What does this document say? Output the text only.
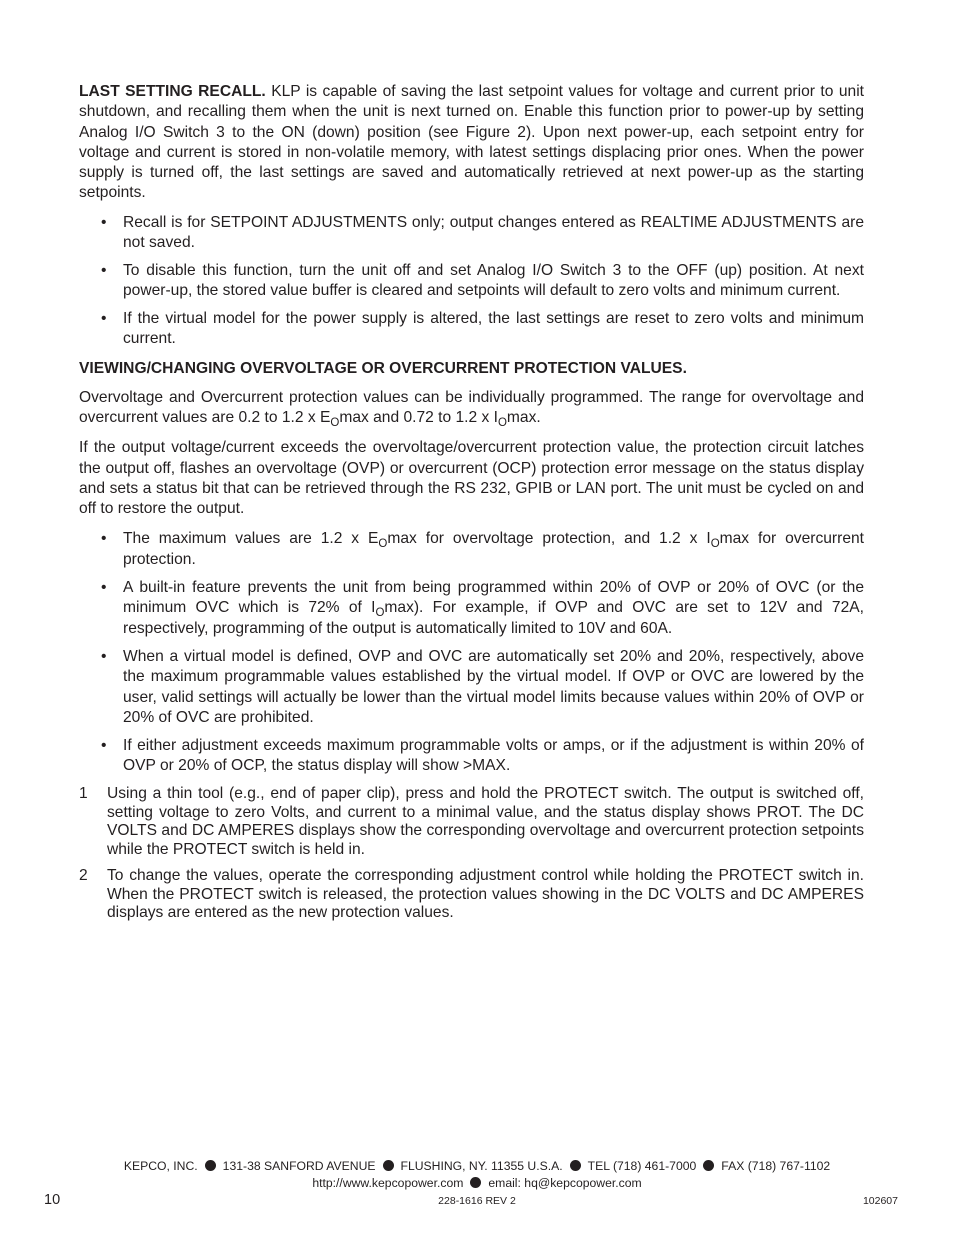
LAST SETTING RECALL. KLP is capable of saving the last setpoint values for voltage and current prior to unit shutdown, and recalling them when the unit is next turned on. Enable this function prior to power-up by setting Analog I/O Switch 3 to the ON (down) position (see Figure 2). Upon next power-up, each setpoint entry for voltage and current is stored in non-volatile memory, with latest settings displacing prior ones. When the power supply is turned off, the last settings are saved and automatically retrieved at next power-up as the starting setpoints.

• Recall is for SETPOINT ADJUSTMENTS only; output changes entered as REALTIME ADJUSTMENTS are not saved.
• To disable this function, turn the unit off and set Analog I/O Switch 3 to the OFF (up) position. At next power-up, the stored value buffer is cleared and setpoints will default to zero volts and minimum current.
• If the virtual model for the power supply is altered, the last settings are reset to zero volts and minimum current.

VIEWING/CHANGING OVERVOLTAGE OR OVERCURRENT PROTECTION VALUES.

Overvoltage and Overcurrent protection values can be individually programmed. The range for overvoltage and overcurrent values are 0.2 to 1.2 x $E_O\max$ and 0.72 to 1.2 x $I_O\max$.

If the output voltage/current exceeds the overvoltage/overcurrent protection value, the protection circuit latches the output off, flashes an overvoltage (OVP) or overcurrent (OCP) protection error message on the status display and sets a status bit that can be retrieved through the RS 232, GPIB or LAN port. The unit must be cycled on and off to restore the output.

• The maximum values are 1.2 x $E_O\max$ for overvoltage protection, and 1.2 x $I_O\max$ for overcurrent protection.
• A built-in feature prevents the unit from being programmed within 20% of OVP or 20% of OVC (or the minimum OVC which is 72% of $I_O\max$). For example, if OVP and OVC are set to 12V and 72A, respectively, programming of the output is automatically limited to 10V and 60A.
• When a virtual model is defined, OVP and OVC are automatically set 20% and 20%, respectively, above the maximum programmable values established by the virtual model. If OVP or OVC are lowered by the user, valid settings will actually be lower than the virtual model limits because values within 20% of OVP or 20% of OVC are prohibited.
• If either adjustment exceeds maximum programmable volts or amps, or if the adjustment is within 20% of OVP or 20% of OCP, the status display will show >MAX.
1 Using a thin tool (e.g., end of paper clip), press and hold the PROTECT switch. The output is switched off, setting voltage to zero Volts, and current to a minimal value, and the status display shows PROT. The DC VOLTS and DC AMPERES displays show the corresponding overvoltage and overcurrent protection setpoints while the PROTECT switch is held in.
2 To change the values, operate the corresponding adjustment control while holding the PROTECT switch in. When the PROTECT switch is released, the protection values showing in the DC VOLTS and DC AMPERES displays are entered as the new protection values.
KEPCO, INC. 131-38 SANFORD AVENUE FLUSHING, NY. 11355 U.S.A. TEL (718) 461-7000 FAX (718) 767-1102
http://www.kepcopower.com email: hq@kepcopower.com
10	228-1616 REV 2	102607
